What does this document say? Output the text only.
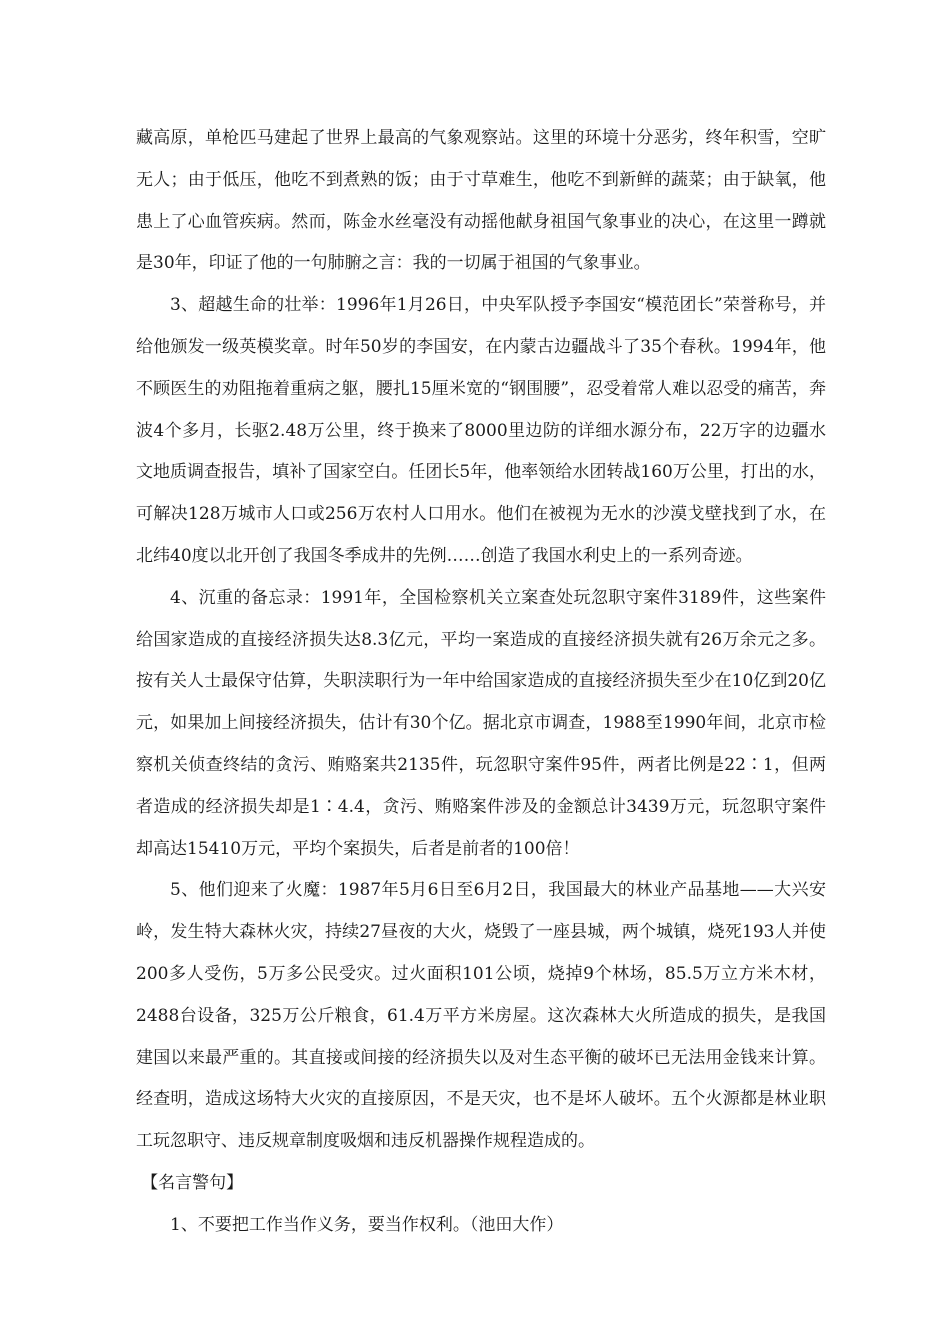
藏高原，单枪匹马建起了世界上最高的气象观察站。这里的环境十分恶劣，终年积雪，空旷无人；由于低压，他吃不到煮熟的饭；由于寸草难生，他吃不到新鲜的蔬菜；由于缺氧，他患上了心血管疾病。然而，陈金水丝毫没有动摇他献身祖国气象事业的决心，在这里一蹲就是30年，印证了他的一句肺腑之言：我的一切属于祖国的气象事业。

3、超越生命的壮举：1996年1月26日，中央军队授予李国安“模范团长”荣誉称号，并给他颁发一级英模奖章。时年50岁的李国安，在内蒙古边疆战斗了35个春秋。1994年，他不顾医生的劝阻拖着重病之躯，腰扎15厘米宽的“钢围腰”，忍受着常人难以忍受的痛苦，奔波4个多月，长驱2.48万公里，终于换来了8000里边防的详细水源分布，22万字的边疆水文地质调查报告，填补了国家空白。任团长5年，他率领给水团转战160万公里，打出的水，可解决128万城市人口或256万农村人口用水。他们在被视为无水的沙漠戈壁找到了水，在北纬40度以北开创了我国冬季成井的先例……创造了我国水利史上的一系列奇迹。

4、沉重的备忘录：1991年，全国检察机关立案查处玩忽职守案件3189件，这些案件给国家造成的直接经济损失达8.3亿元，平均一案造成的直接经济损失就有26万余元之多。按有关人士最保守估算，失职渎职行为一年中给国家造成的直接经济损失至少在10亿到20亿元，如果加上间接经济损失，估计有30个亿。据北京市调查，1988至1990年间，北京市检察机关侦查终结的贪污、贿赂案共2135件，玩忽职守案件95件，两者比例是22∶1，但两者造成的经济损失却是1∶4.4，贪污、贿赂案件涉及的金额总计3439万元，玩忽职守案件却高达15410万元，平均个案损失，后者是前者的100倍！

5、他们迎来了火魔：1987年5月6日至6月2日，我国最大的林业产品基地——大兴安岭，发生特大森林火灾，持续27昼夜的大火，烧毁了一座县城，两个城镇，烧死193人并使200多人受伤，5万多公民受灾。过火面积101公顷，烧掉9个林场，85.5万立方米木材，2488台设备，325万公斤粮食，61.4万平方米房屋。这次森林大火所造成的损失，是我国建国以来最严重的。其直接或间接的经济损失以及对生态平衡的破坏已无法用金钱来计算。经查明，造成这场特大火灾的直接原因，不是天灾，也不是坏人破坏。五个火源都是林业职工玩忽职守、违反规章制度吸烟和违反机器操作规程造成的。

【名言警句】

1、不要把工作当作义务，要当作权利。（池田大作）
